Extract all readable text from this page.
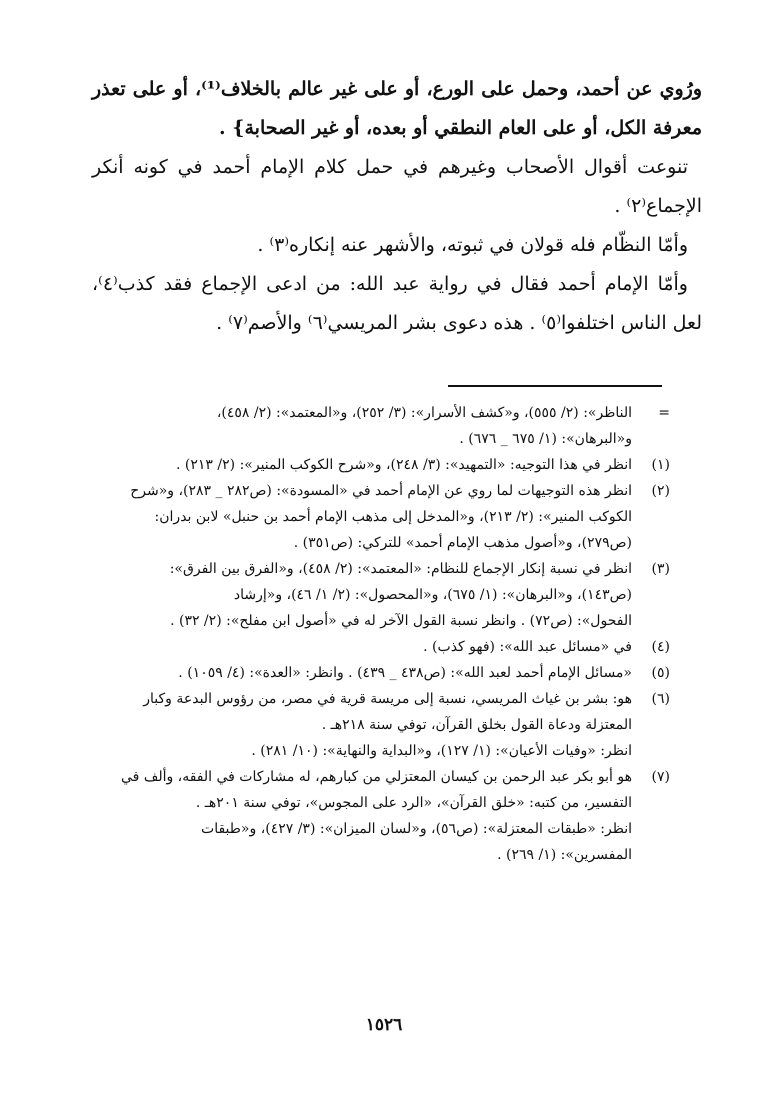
ورُوي عن أحمد، وحمل على الورع، أو على غير عالم بالخلاف⁽¹⁾، أو على تعذر معرفة الكل، أو على العام النطقي أو بعده، أو غير الصحابة} .

تنوعت أقوال الأصحاب وغيرهم في حمل كلام الإمام أحمد في كونه أنكر الإجماع⁽٢⁾ .

وأمّا النظّام فله قولان في ثبوته، والأشهر عنه إنكاره⁽٣⁾ .

وأمّا الإمام أحمد فقال في رواية عبد الله: من ادعى الإجماع فقد كذب⁽٤⁾، لعل الناس اختلفوا⁽٥⁾ . هذه دعوى بشر المريسي⁽٦⁾ والأصم⁽٧⁾ .

=
الناظر»: (٢/ ٥٥٥)، و«كشف الأسرار»: (٣/ ٢٥٢)، و«المعتمد»: (٢/ ٤٥٨)،
و«البرهان»: (١/ ٦٧٥ _ ٦٧٦) .
(١)
انظر في هذا التوجيه: «التمهيد»: (٣/ ٢٤٨)، و«شرح الكوكب المنير»: (٢/ ٢١٣) .
(٢)
انظر هذه التوجيهات لما روي عن الإمام أحمد في «المسودة»: (ص٢٨٢ _ ٢٨٣)، و«شرح
الكوكب المنير»: (٢/ ٢١٣)، و«المدخل إلى مذهب الإمام أحمد بن حنبل» لابن بدران:
(ص٢٧٩)، و«أصول مذهب الإمام أحمد» للتركي: (ص٣٥١) .
(٣)
انظر في نسبة إنكار الإجماع للنظام: «المعتمد»: (٢/ ٤٥٨)، و«الفرق بين الفرق»:
(ص١٤٣)، و«البرهان»: (١/ ٦٧٥)، و«المحصول»: (٢/ ١/ ٤٦)، و«إرشاد
الفحول»: (ص٧٢) . وانظر نسبة القول الآخر له في «أصول ابن مفلح»: (٢/ ٣٢) .
(٤)
في «مسائل عبد الله»: (فهو كذب) .
(٥)
«مسائل الإمام أحمد لعبد الله»: (ص٤٣٨ _ ٤٣٩) . وانظر: «العدة»: (٤/ ١٠٥٩) .
(٦)
هو: بشر بن غياث المريسي، نسبة إلى مريسة قرية في مصر، من رؤوس البدعة وكبار
المعتزلة ودعاة القول بخلق القرآن، توفي سنة ٢١٨هـ .
انظر: «وفيات الأعيان»: (١/ ١٢٧)، و«البداية والنهاية»: (١٠/ ٢٨١) .
(٧)
هو أبو بكر عبد الرحمن بن كيسان المعتزلي من كبارهم، له مشاركات في الفقه، وألف في
التفسير، من كتبه: «خلق القرآن»، «الرد على المجوس»، توفي سنة ٢٠١هـ .
انظر: «طبقات المعتزلة»: (ص٥٦)، و«لسان الميزان»: (٣/ ٤٢٧)، و«طبقات
المفسرين»: (١/ ٢٦٩) .
١٥٢٦
